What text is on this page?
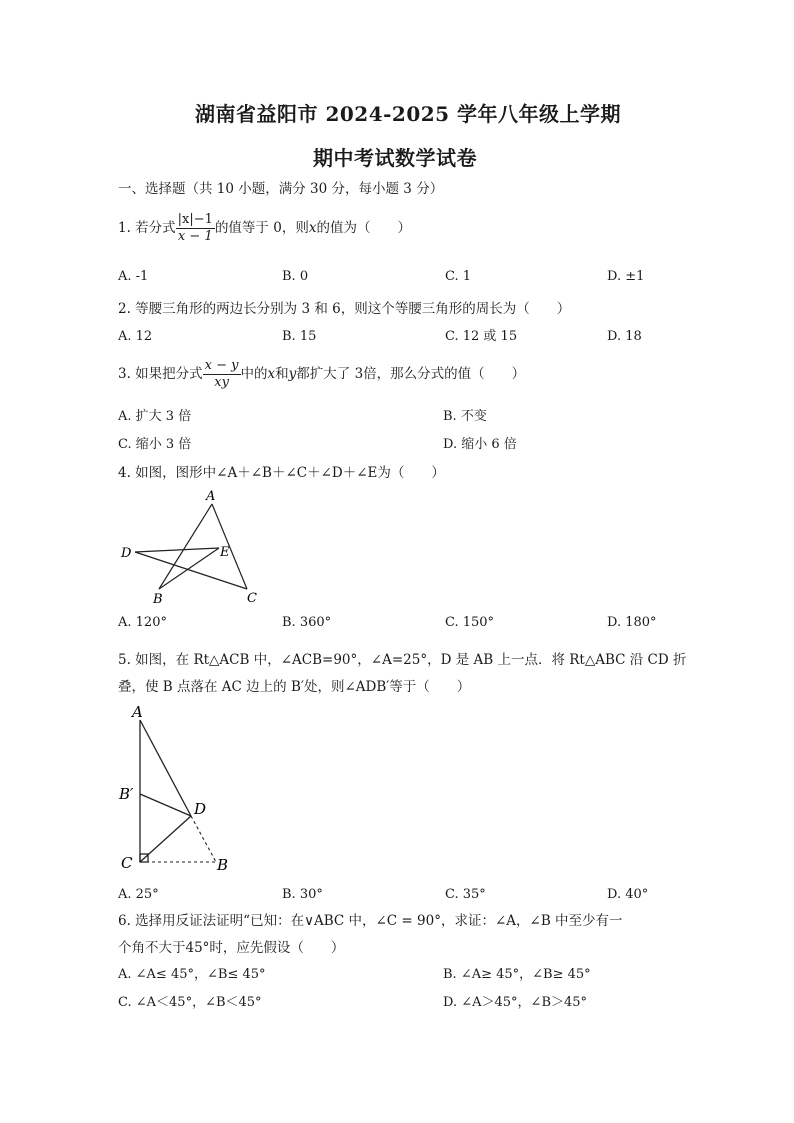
湖南省益阳市 2024-2025 学年八年级上学期
期中考试数学试卷
一、选择题（共 10 小题，满分 30 分，每小题 3 分）
1. 若分式 $\frac{|x|-1}{x - 1}$ 的值等于 0，则x的值为（　　）
A. -1	B. 0	C. 1	D. ±1
2. 等腰三角形的两边长分别为 3 和 6，则这个等腰三角形的周长为（　　）
A. 12	B. 15	C. 12 或 15	D. 18
3. 如果把分式 $\frac{x - y}{xy}$ 中的x和y都扩大了 3倍，那么分式的值（　　）
A. 扩大 3 倍	B. 不变
C. 缩小 3 倍	D. 缩小 6 倍
4. 如图，图形中∠A＋∠B＋∠C＋∠D＋∠E为（　　）
A
D	E
B	C
A. 120°	B. 360°	C. 150°	D. 180°
5. 如图，在 Rt△ACB 中，∠ACB=90°，∠A=25°，D 是 AB 上一点．将 Rt△ABC 沿 CD 折
叠，使 B 点落在 AC 边上的 B′处，则∠ADB′等于（　　）
A
B′
D
C	B
A. 25°	B. 30°	C. 35°	D. 40°
6. 选择用反证法证明“已知：在∨ABC 中，∠C = 90°，求证：∠A，∠B 中至少有一
个角不大于45°时，应先假设（　　）
A. ∠A≤ 45°，∠B≤ 45°	B. ∠A≥ 45°，∠B≥ 45°
C. ∠A＜45°，∠B＜45°	D. ∠A＞45°，∠B＞45°
